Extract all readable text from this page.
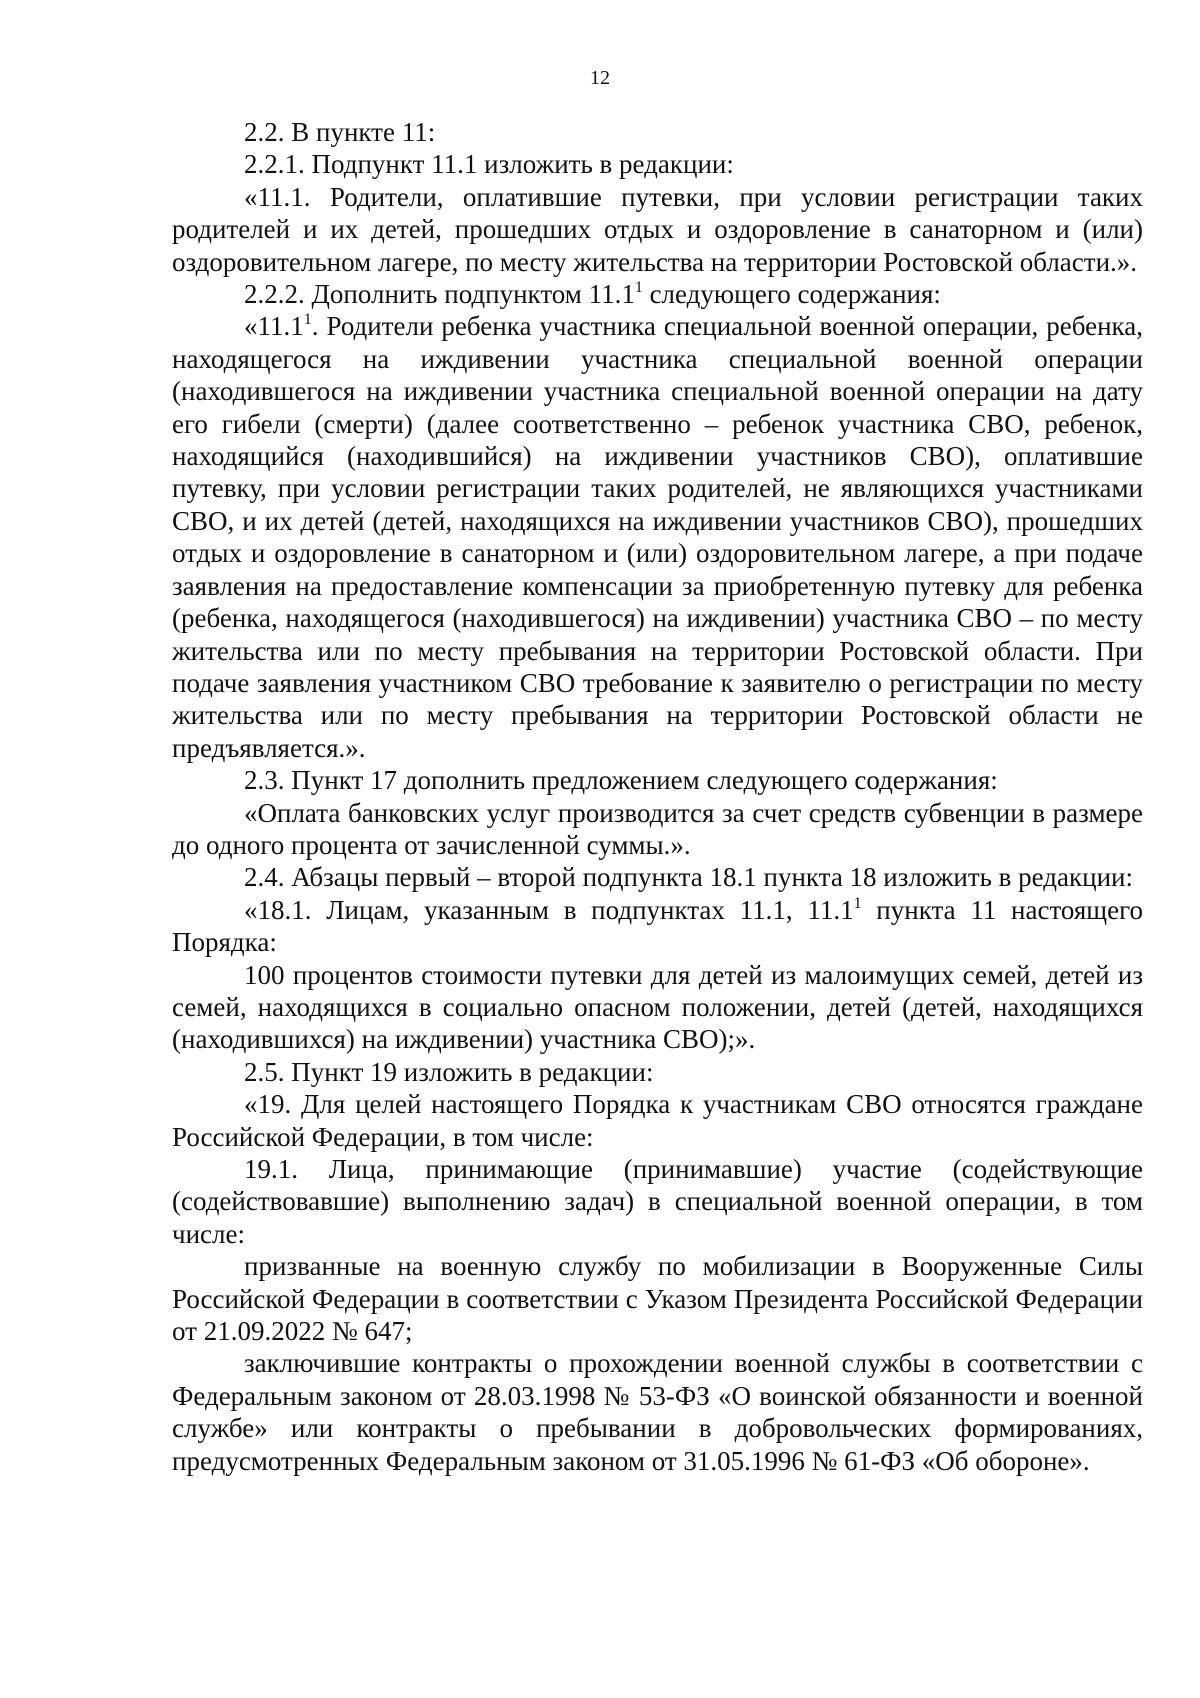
12

2.2. В пункте 11:

2.2.1. Подпункт 11.1 изложить в редакции:

«11.1. Родители, оплатившие путевки, при условии регистрации таких родителей и их детей, прошедших отдых и оздоровление в санаторном и (или) оздоровительном лагере, по месту жительства на территории Ростовской области.».

2.2.2. Дополнить подпунктом 11.1$^1$ следующего содержания:

«11.1$^1$. Родители ребенка участника специальной военной операции, ребенка, находящегося на иждивении участника специальной военной операции (находившегося на иждивении участника специальной военной операции на дату его гибели (смерти) (далее соответственно – ребенок участника СВО, ребенок, находящийся (находившийся) на иждивении участников СВО), оплатившие путевку, при условии регистрации таких родителей, не являющихся участниками СВО, и их детей (детей, находящихся на иждивении участников СВО), прошедших отдых и оздоровление в санаторном и (или) оздоровительном лагере, а при подаче заявления на предоставление компенсации за приобретенную путевку для ребенка (ребенка, находящегося (находившегося) на иждивении) участника СВО – по месту жительства или по месту пребывания на территории Ростовской области. При подаче заявления участником СВО требование к заявителю о регистрации по месту жительства или по месту пребывания на территории Ростовской области не предъявляется.».

2.3. Пункт 17 дополнить предложением следующего содержания:

«Оплата банковских услуг производится за счет средств субвенции в размере до одного процента от зачисленной суммы.».

2.4. Абзацы первый – второй подпункта 18.1 пункта 18 изложить в редакции:

«18.1. Лицам, указанным в подпунктах 11.1, 11.1$^1$ пункта 11 настоящего Порядка:

100 процентов стоимости путевки для детей из малоимущих семей, детей из семей, находящихся в социально опасном положении, детей (детей, находящихся (находившихся) на иждивении) участника СВО);».

2.5. Пункт 19 изложить в редакции:

«19. Для целей настоящего Порядка к участникам СВО относятся граждане Российской Федерации, в том числе:

19.1. Лица, принимающие (принимавшие) участие (содействующие (содействовавшие) выполнению задач) в специальной военной операции, в том числе:

призванные на военную службу по мобилизации в Вооруженные Силы Российской Федерации в соответствии с Указом Президента Российской Федерации от 21.09.2022 № 647;

заключившие контракты о прохождении военной службы в соответствии с Федеральным законом от 28.03.1998 № 53-ФЗ «О воинской обязанности и военной службе» или контракты о пребывании в добровольческих формированиях, предусмотренных Федеральным законом от 31.05.1996 № 61-ФЗ «Об обороне».
